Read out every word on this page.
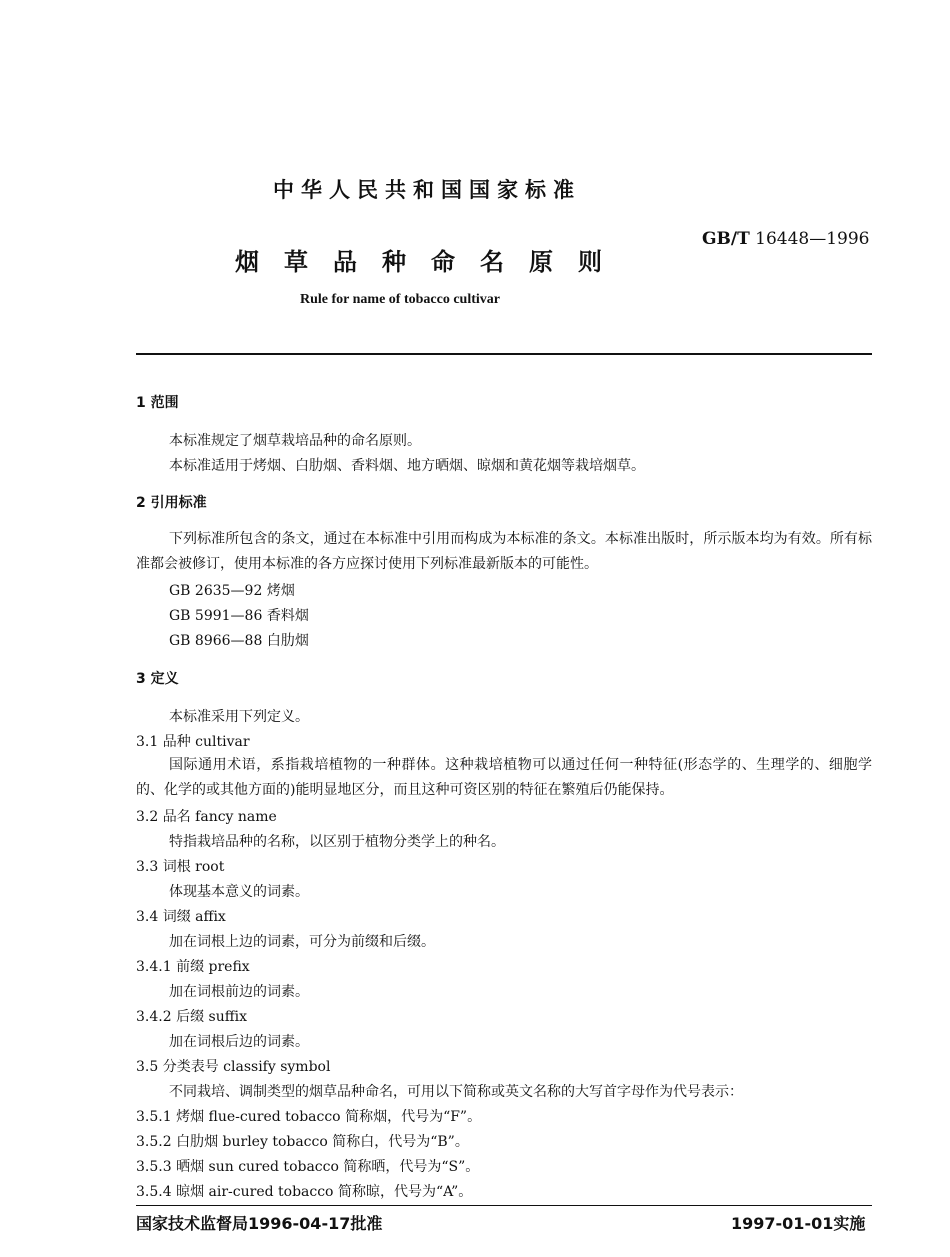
中华人民共和国国家标准
GB/T 16448—1996
烟草品种命名原则
Rule for name of tobacco cultivar
1 范围
本标准规定了烟草栽培品种的命名原则。
本标准适用于烤烟、白肋烟、香料烟、地方晒烟、晾烟和黄花烟等栽培烟草。
2 引用标准
下列标准所包含的条文，通过在本标准中引用而构成为本标准的条文。本标准出版时，所示版本均为有效。所有标准都会被修订，使用本标准的各方应探讨使用下列标准最新版本的可能性。
GB 2635—92 烤烟
GB 5991—86 香料烟
GB 8966—88 白肋烟
3 定义
本标准采用下列定义。
3.1 品种 cultivar
国际通用术语，系指栽培植物的一种群体。这种栽培植物可以通过任何一种特征(形态学的、生理学的、细胞学的、化学的或其他方面的)能明显地区分，而且这种可资区别的特征在繁殖后仍能保持。
3.2 品名 fancy name
特指栽培品种的名称，以区别于植物分类学上的种名。
3.3 词根 root
体现基本意义的词素。
3.4 词缀 affix
加在词根上边的词素，可分为前缀和后缀。
3.4.1 前缀 prefix
加在词根前边的词素。
3.4.2 后缀 suffix
加在词根后边的词素。
3.5 分类表号 classify symbol
不同栽培、调制类型的烟草品种命名，可用以下简称或英文名称的大写首字母作为代号表示：
3.5.1 烤烟 flue-cured tobacco 简称烟，代号为“F”。
3.5.2 白肋烟 burley tobacco 简称白，代号为“B”。
3.5.3 晒烟 sun cured tobacco 简称晒，代号为“S”。
3.5.4 晾烟 air-cured tobacco 简称晾，代号为“A”。
国家技术监督局1996-04-17批准	1997-01-01实施
